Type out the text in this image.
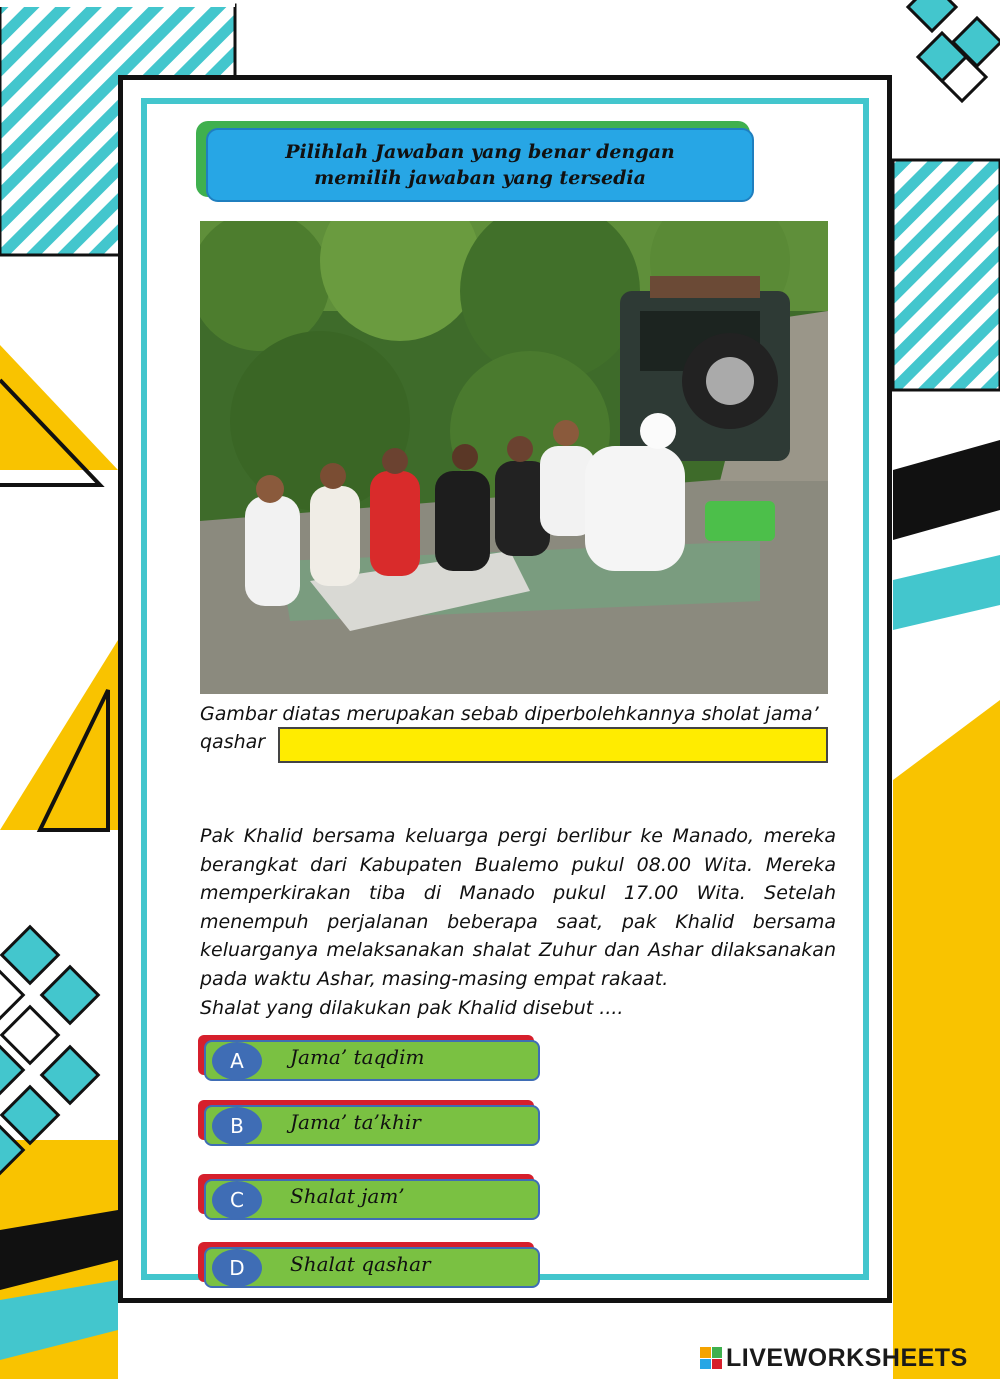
Pilihlah Jawaban yang benar dengan memilih jawaban yang tersedia
Gambar diatas merupakan sebab diperbolehkannya sholat jama’ qashar

Pak Khalid bersama keluarga pergi berlibur ke Manado, mereka berangkat dari Kabupaten Bualemo pukul 08.00 Wita. Mereka memperkirakan tiba di Manado pukul 17.00 Wita. Setelah menempuh perjalanan beberapa saat, pak Khalid bersama keluarganya melaksanakan shalat Zuhur dan Ashar dilaksanakan pada waktu Ashar, masing-masing empat rakaat.

Shalat yang dilakukan pak Khalid disebut ....

A	Jama’ taqdim
B	Jama’ ta’khir
C	Shalat jam’
D	Shalat qashar
LIVEWORKSHEETS
